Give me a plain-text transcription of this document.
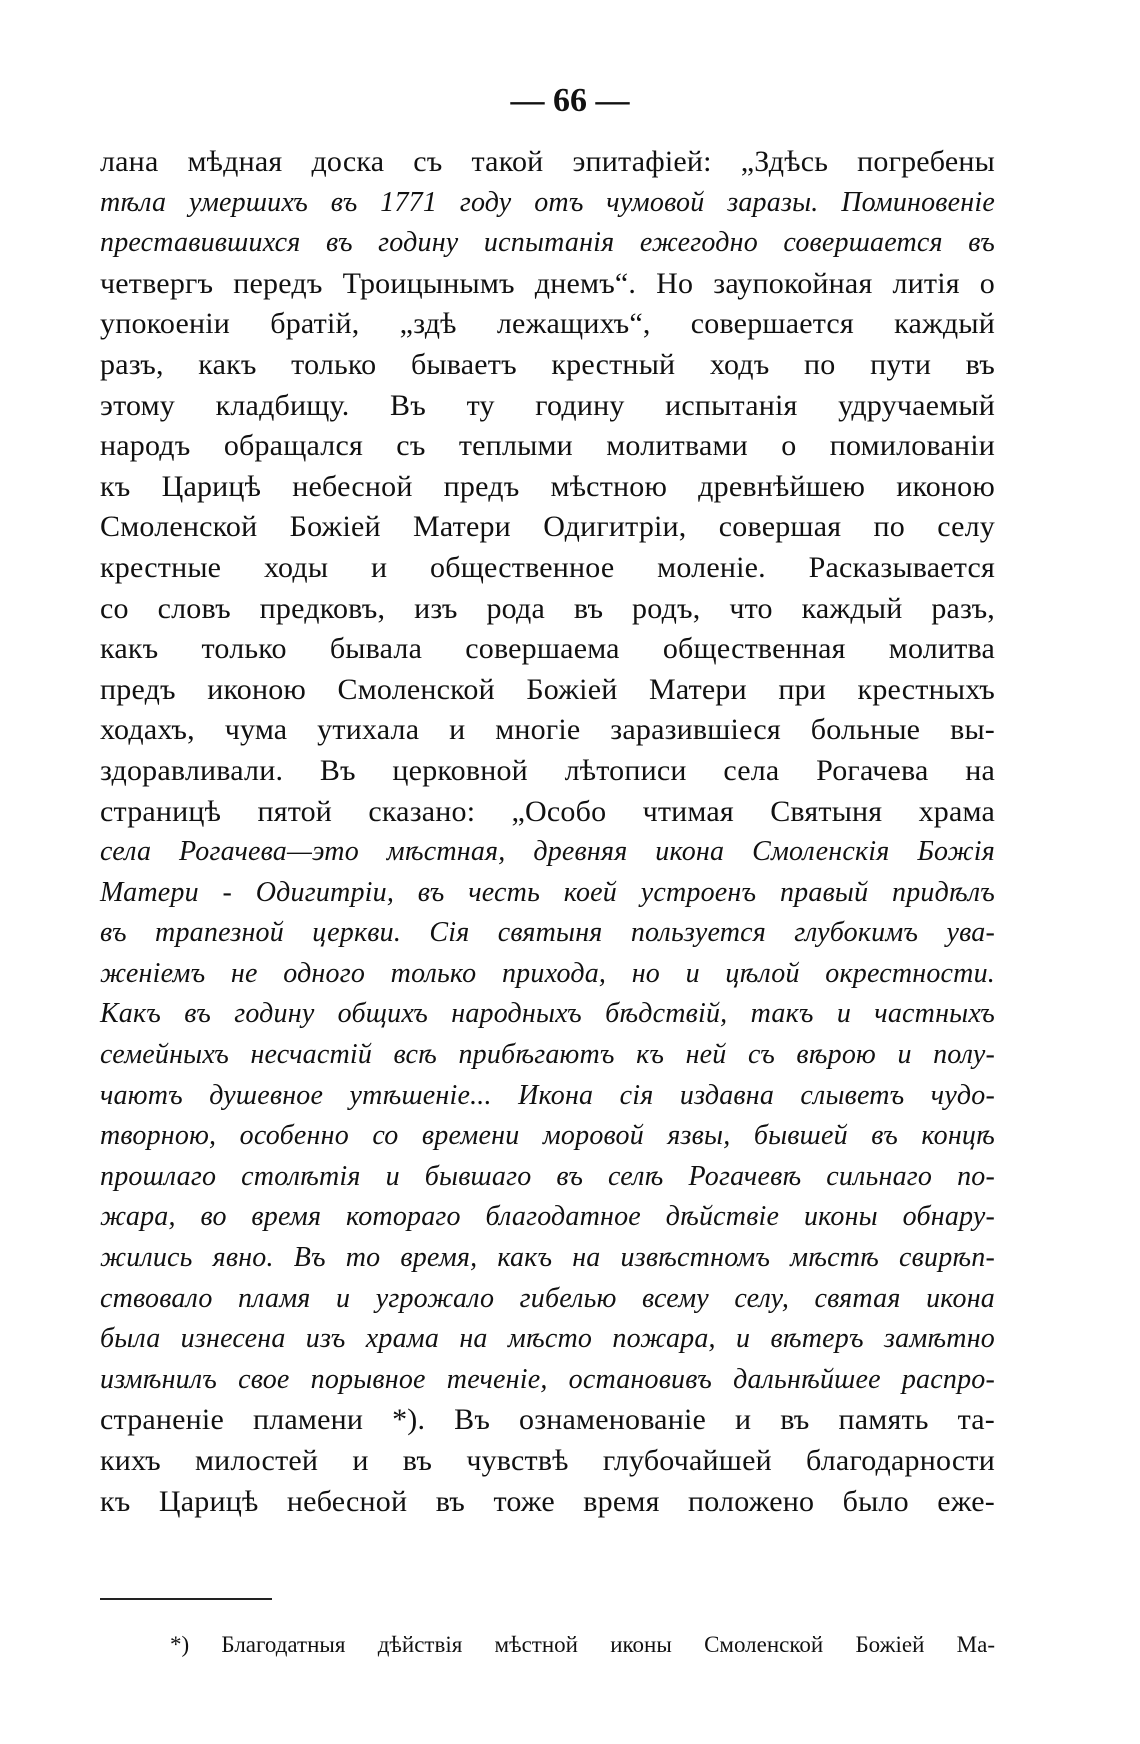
— 66 —
лана мѣдная доска съ такой эпитафіей: „Здѣсь погребены
тѣла умершихъ въ 1771 году отъ чумовой заразы. Поминовеніе
преставившихся въ годину испытанія ежегодно совершается въ
четвергъ передъ Троицынымъ днемъ“. Но заупокойная литія о
упокоеніи братій, „здѣ лежащихъ“, совершается каждый
разъ, какъ только бываетъ крестный ходъ по пути въ
этому кладбищу. Въ ту годину испытанія удручаемый
народъ обращался съ теплыми молитвами о помилованіи
къ Царицѣ небесной предъ мѣстною древнѣйшею иконою
Смоленской Божіей Матери Одигитріи, совершая по селу
крестные ходы и общественное моленіе. Расказывается
со словъ предковъ, изъ рода въ родъ, что каждый разъ,
какъ только бывала совершаема общественная молитва
предъ иконою Смоленской Божіей Матери при крестныхъ
ходахъ, чума утихала и многіе заразившіеся больные вы-
здоравливали. Въ церковной лѣтописи села Рогачева на
страницѣ пятой сказано: „Особо чтимая Святыня храма
села Рогачева—это мѣстная, древняя икона Смоленскія Божія
Матери - Одигитріи, въ честь коей устроенъ правый придѣлъ
въ трапезной церкви. Сія святыня пользуется глубокимъ ува-
женіемъ не одного только прихода, но и цѣлой окрестности.
Какъ въ годину общихъ народныхъ бѣдствій, такъ и частныхъ
семейныхъ несчастій всѣ прибѣгаютъ къ ней съ вѣрою и полу-
чаютъ душевное утѣшеніе... Икона сія издавна слыветъ чудо-
творною, особенно со времени моровой язвы, бывшей въ концѣ
прошлаго столѣтія и бывшаго въ селѣ Рогачевѣ сильнаго по-
жара, во время котораго благодатное дѣйствіе иконы обнару-
жились явно. Въ то время, какъ на извѣстномъ мѣстѣ свирѣп-
ствовало пламя и угрожало гибелью всему селу, святая икона
была изнесена изъ храма на мѣсто пожара, и вѣтеръ замѣтно
измѣнилъ свое порывное теченіе, остановивъ дальнѣйшее распро-
страненіе пламени *). Въ ознаменованіе и въ память та-
кихъ милостей и въ чувствѣ глубочайшей благодарности
къ Царицѣ небесной въ тоже время положено было еже-
*) Благодатныя дѣйствія мѣстной иконы Смоленской Божіей Ма-
